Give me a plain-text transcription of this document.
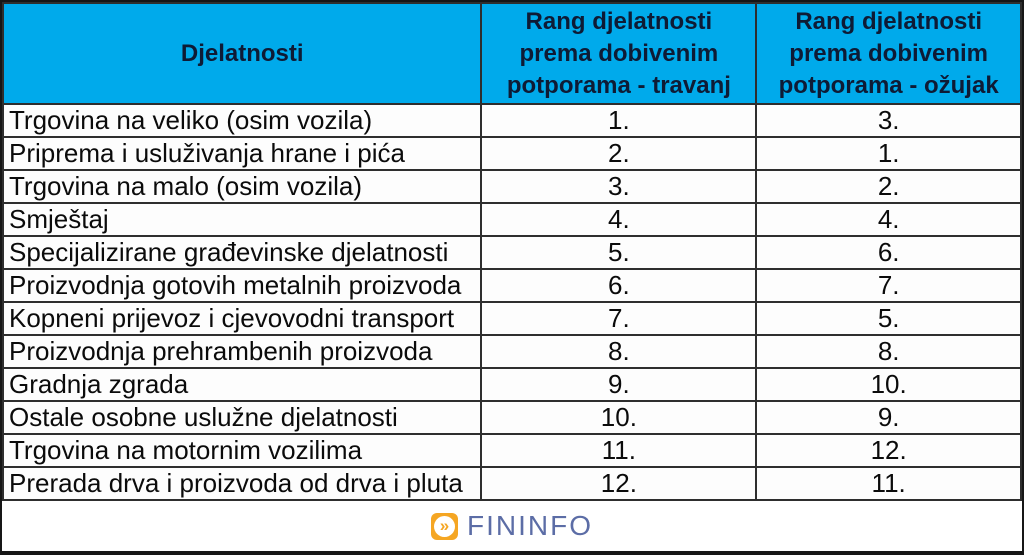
Djelatnosti

Rang djelatnosti
prema dobivenim
potporama - travanj

Rang djelatnosti
prema dobivenim
potporama - ožujak

Trgovina na veliko (osim vozila)	1.	3.
Priprema i usluživanja hrane i pića	2.	1.
Trgovina na malo (osim vozila)	3.	2.
Smještaj	4.	4.
Specijalizirane građevinske djelatnosti	5.	6.
Proizvodnja gotovih metalnih proizvoda	6.	7.
Kopneni prijevoz i cjevovodni transport	7.	5.
Proizvodnja prehrambenih proizvoda	8.	8.
Gradnja zgrada	9.	10.
Ostale osobne uslužne djelatnosti	10.	9.
Trgovina na motornim vozilima	11.	12.
Prerada drva i proizvoda od drva i pluta	12.	11.
» FININFO
